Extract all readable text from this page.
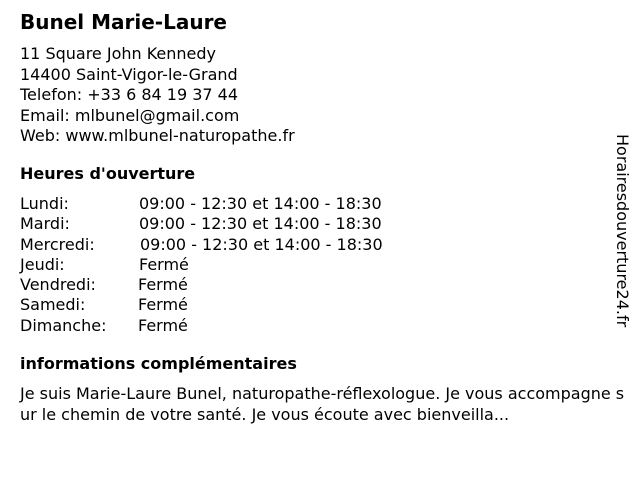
Bunel Marie-Laure
11 Square John Kennedy
14400 Saint-Vigor-le-Grand
Telefon: +33 6 84 19 37 44
Email: mlbunel@gmail.com
Web: www.mlbunel-naturopathe.fr
Heures d'ouverture
Lundi:	09:00 - 12:30 et 14:00 - 18:30
Mardi:	09:00 - 12:30 et 14:00 - 18:30
Mercredi:	09:00 - 12:30 et 14:00 - 18:30
Jeudi:	Fermé
Vendredi:	Fermé
Samedi:	Fermé
Dimanche: Fermé
informations complémentaires
Je suis Marie-Laure Bunel, naturopathe-réflexologue. Je vous accompagne sur le chemin de votre santé. Je vous écoute avec bienveilla...
Horairesdouverture24.fr
